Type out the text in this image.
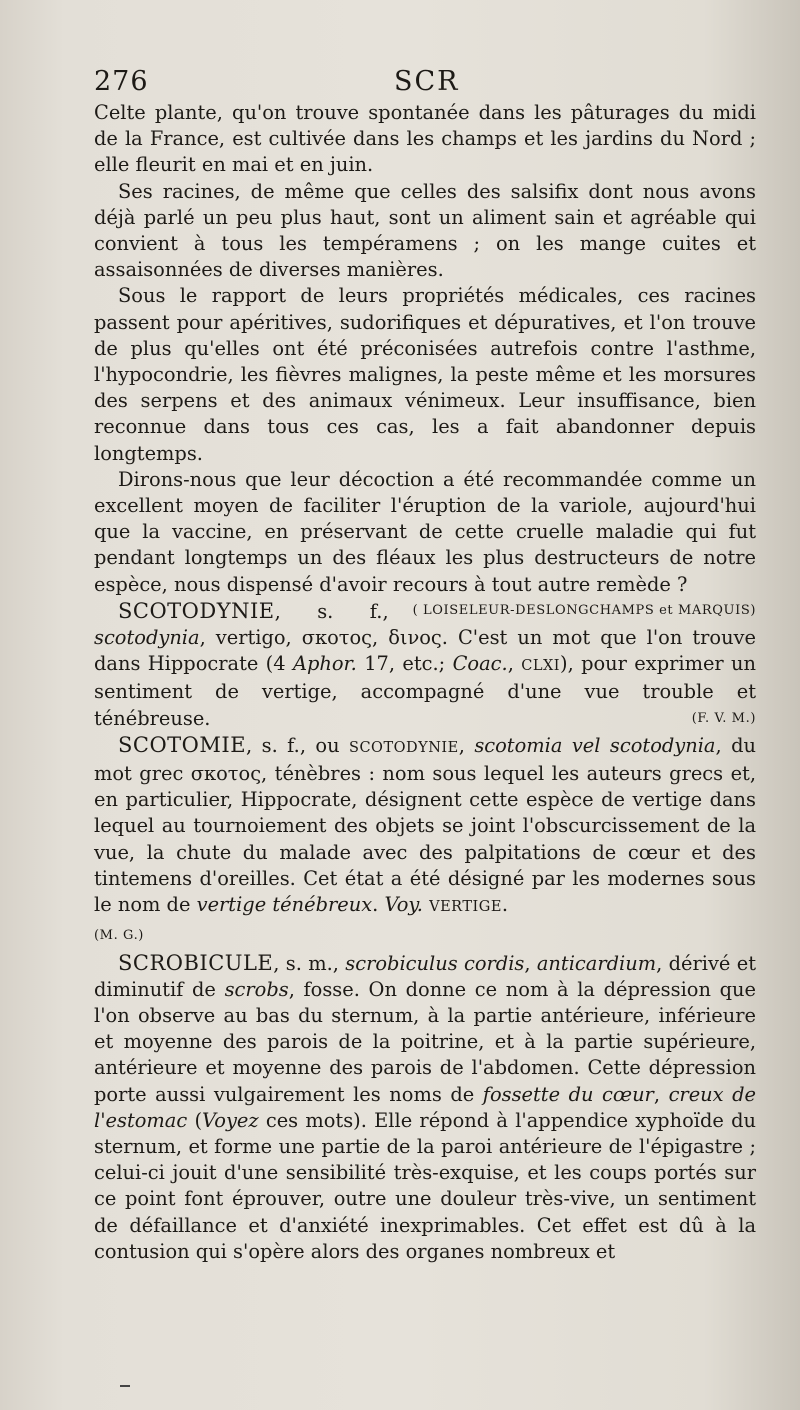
276	SCR

Celte plante, qu'on trouve spontanée dans les pâturages du midi de la France, est cultivée dans les champs et les jardins du Nord ; elle fleurit en mai et en juin.

Ses racines, de même que celles des salsifix dont nous avons déjà parlé un peu plus haut, sont un aliment sain et agréable qui convient à tous les tempéramens ; on les mange cuites et assaisonnées de diverses manières.

Sous le rapport de leurs propriétés médicales, ces racines passent pour apéritives, sudorifiques et dépuratives, et l'on trouve de plus qu'elles ont été préconisées autrefois contre l'asthme, l'hypocondrie, les fièvres malignes, la peste même et les morsures des serpens et des animaux vénimeux. Leur insuffisance, bien reconnue dans tous ces cas, les a fait abandonner depuis longtemps.

Dirons-nous que leur décoction a été recommandée comme un excellent moyen de faciliter l'éruption de la variole, aujourd'hui que la vaccine, en préservant de cette cruelle maladie qui fut pendant longtemps un des fléaux les plus destructeurs de notre espèce, nous dispensé d'avoir recours à tout autre remède ?
( LOISELEUR-DESLONGCHAMPS et MARQUIS)

SCOTODYNIE, s. f., scotodynia, vertigo, σκοτος, δινος. C'est un mot que l'on trouve dans Hippocrate (4 Aphor. 17, etc.; Coac., CLXI), pour exprimer un sentiment de vertige, accompagné d'une vue trouble et ténébreuse.	(F. V. M.)

SCOTOMIE, s. f., ou SCOTODYNIE, scotomia vel scotodynia, du mot grec σκοτος, ténèbres : nom sous lequel les auteurs grecs et, en particulier, Hippocrate, désignent cette espèce de vertige dans lequel au tournoiement des objets se joint l'obscurcissement de la vue, la chute du malade avec des palpitations de cœur et des tintemens d'oreilles. Cet état a été désigné par les modernes sous le nom de vertige ténébreux. Voy. VERTIGE.

(M. G.)

SCROBICULE, s. m., scrobiculus cordis, anticardium, dérivé et diminutif de scrobs, fosse. On donne ce nom à la dépression que l'on observe au bas du sternum, à la partie antérieure, inférieure et moyenne des parois de la poitrine, et à la partie supérieure, antérieure et moyenne des parois de l'abdomen. Cette dépression porte aussi vulgairement les noms de fossette du cœur, creux de l'estomac (Voyez ces mots). Elle répond à l'appendice xyphoïde du sternum, et forme une partie de la paroi antérieure de l'épigastre ; celui-ci jouit d'une sensibilité très-exquise, et les coups portés sur ce point font éprouver, outre une douleur très-vive, un sentiment de défaillance et d'anxiété inexprimables. Cet effet est dû à la contusion qui s'opère alors des organes nombreux et
